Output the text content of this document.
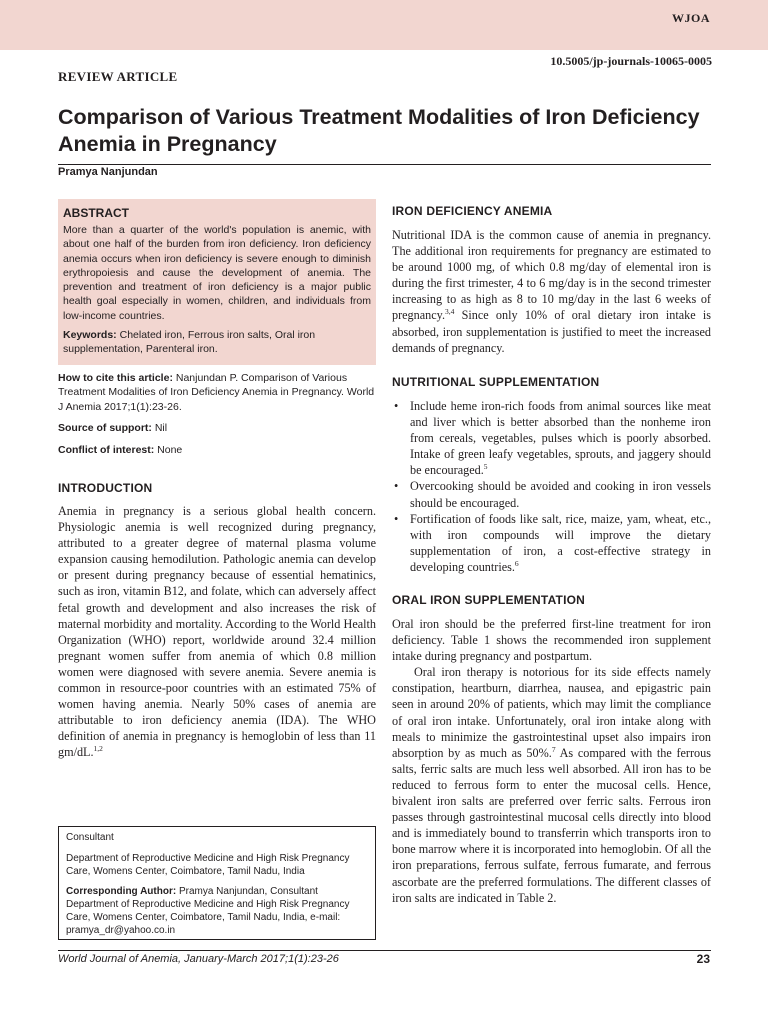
WJOA
10.5005/jp-journals-10065-0005
REVIEW ARTICLE
Comparison of Various Treatment Modalities of Iron Deficiency Anemia in Pregnancy
Pramya Nanjundan
ABSTRACT
More than a quarter of the world's population is anemic, with about one half of the burden from iron deficiency. Iron deficiency anemia occurs when iron deficiency is severe enough to diminish erythropoiesis and cause the development of anemia. The prevention and treatment of iron deficiency is a major public health goal especially in women, children, and individuals from low-income countries.
Keywords: Chelated iron, Ferrous iron salts, Oral iron supplementation, Parenteral iron.
How to cite this article: Nanjundan P. Comparison of Various Treatment Modalities of Iron Deficiency Anemia in Pregnancy. World J Anemia 2017;1(1):23-26.
Source of support: Nil
Conflict of interest: None
INTRODUCTION
Anemia in pregnancy is a serious global health concern. Physiologic anemia is well recognized during pregnancy, attributed to a greater degree of maternal plasma volume expansion causing hemodilution. Pathologic anemia can develop or present during pregnancy because of essential hematinics, such as iron, vitamin B12, and folate, which can adversely affect fetal growth and development and also increases the risk of maternal morbidity and mortality. According to the World Health Organization (WHO) report, worldwide around 32.4 million pregnant women suffer from anemia of which 0.8 million women were diagnosed with severe anemia. Severe anemia is common in resource-poor countries with an estimated 75% of women having anemia. Nearly 50% cases of anemia are attributable to iron deficiency anemia (IDA). The WHO definition of anemia in pregnancy is hemoglobin of less than 11 gm/dL.$^{1,2}$
Consultant
Department of Reproductive Medicine and High Risk Pregnancy Care, Womens Center, Coimbatore, Tamil Nadu, India
Corresponding Author: Pramya Nanjundan, Consultant Department of Reproductive Medicine and High Risk Pregnancy Care, Womens Center, Coimbatore, Tamil Nadu, India, e-mail: pramya_dr@yahoo.co.in
IRON DEFICIENCY ANEMIA
Nutritional IDA is the common cause of anemia in pregnancy. The additional iron requirements for pregnancy are estimated to be around 1000 mg, of which 0.8 mg/day of elemental iron is during the first trimester, 4 to 6 mg/day is in the second trimester increasing to as high as 8 to 10 mg/day in the last 6 weeks of pregnancy.$^{3,4}$ Since only 10% of oral dietary iron intake is absorbed, iron supplementation is justified to meet the increased demands of pregnancy.
NUTRITIONAL SUPPLEMENTATION
• Include heme iron-rich foods from animal sources like meat and liver which is better absorbed than the nonheme iron from cereals, vegetables, pulses which is poorly absorbed. Intake of green leafy vegetables, sprouts, and jaggery should be encouraged.$^5$
• Overcooking should be avoided and cooking in iron vessels should be encouraged.
• Fortification of foods like salt, rice, maize, yam, wheat, etc., with iron compounds will improve the dietary supplementation of iron, a cost-effective strategy in developing countries.$^6$
ORAL IRON SUPPLEMENTATION

Oral iron should be the preferred first-line treatment for iron deficiency. Table 1 shows the recommended iron supplement intake during pregnancy and postpartum.

Oral iron therapy is notorious for its side effects namely constipation, heartburn, diarrhea, nausea, and epigastric pain seen in around 20% of patients, which may limit the compliance of oral iron intake. Unfortunately, oral iron intake along with meals to minimize the gastrointestinal upset also impairs iron absorption by as much as 50%.$^7$ As compared with the ferrous salts, ferric salts are much less well absorbed. All iron has to be reduced to ferrous form to enter the mucosal cells. Hence, bivalent iron salts are preferred over ferric salts. Ferrous iron passes through gastrointestinal mucosal cells directly into blood and is immediately bound to transferrin which transports iron to bone marrow where it is incorporated into hemoglobin. Of all the iron preparations, ferrous sulfate, ferrous fumarate, and ferrous ascorbate are the preferred formulations. The different classes of iron salts are indicated in Table 2.

World Journal of Anemia, January-March 2017;1(1):23-26	23
